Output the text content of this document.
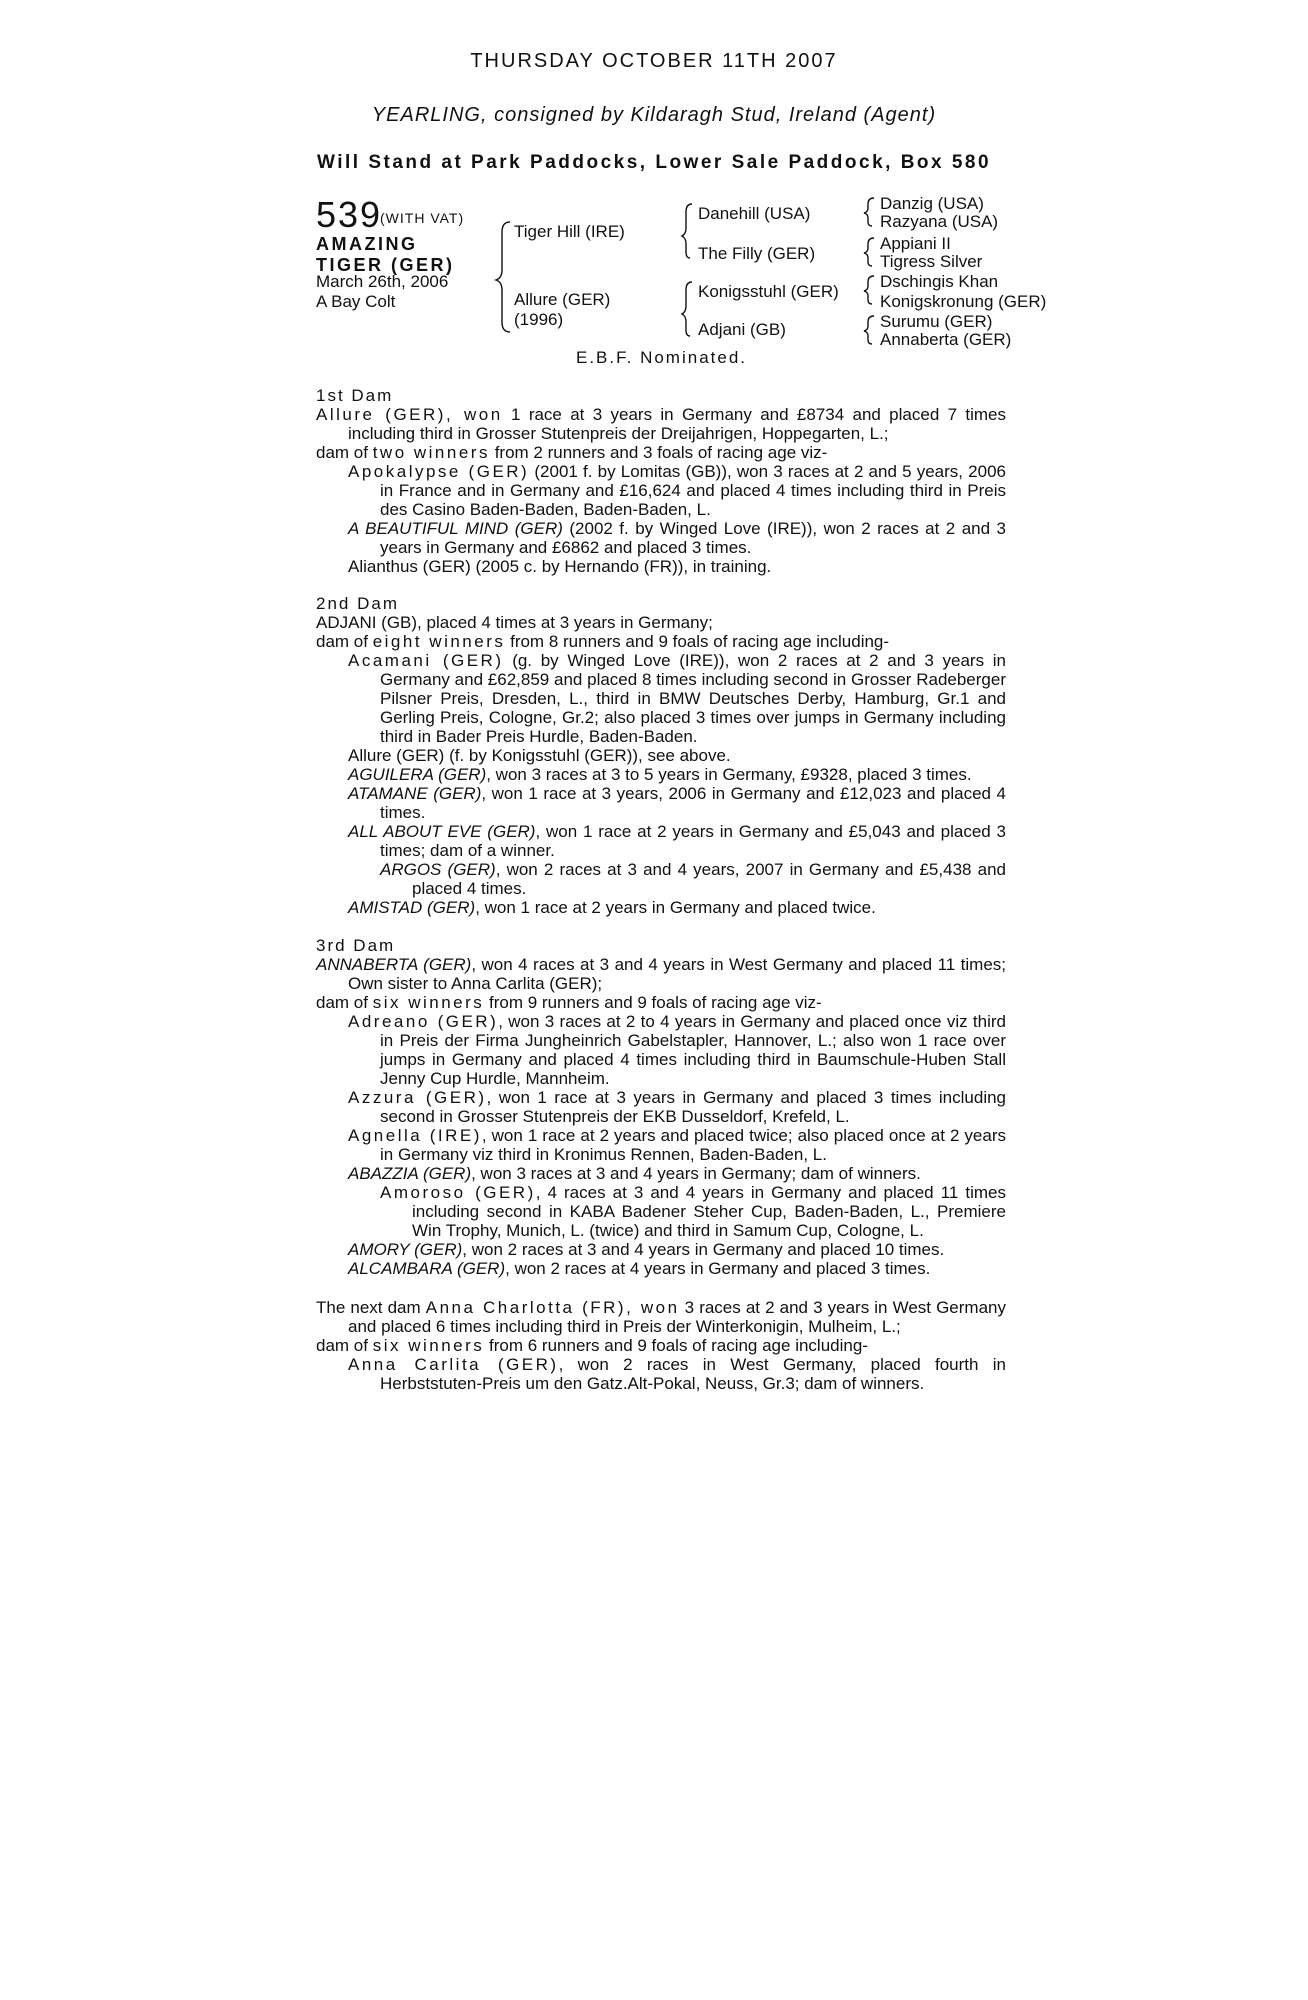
THURSDAY OCTOBER 11TH 2007
YEARLING, consigned by Kildaragh Stud, Ireland (Agent)
Will Stand at Park Paddocks, Lower Sale Paddock, Box 580
539
(WITH VAT)
AMAZING TIGER (GER)
March 26th, 2006
A Bay Colt
Tiger Hill (IRE)
Allure (GER)
(1996)
Danehill (USA)
The Filly (GER)
Konigsstuhl (GER)
Adjani (GB)
Danzig (USA)
Razyana (USA)
Appiani II
Tigress Silver
Dschingis Khan
Konigskronung (GER)
Surumu (GER)
Annaberta (GER)
E.B.F. Nominated.

1st Dam

Allure (GER), won 1 race at 3 years in Germany and £8734 and placed 7 times including third in Grosser Stutenpreis der Dreijahrigen, Hoppegarten, L.;

dam of two winners from 2 runners and 3 foals of racing age viz-

Apokalypse (GER) (2001 f. by Lomitas (GB)), won 3 races at 2 and 5 years, 2006 in France and in Germany and £16,624 and placed 4 times including third in Preis des Casino Baden-Baden, Baden-Baden, L.

A BEAUTIFUL MIND (GER) (2002 f. by Winged Love (IRE)), won 2 races at 2 and 3 years in Germany and £6862 and placed 3 times.

Alianthus (GER) (2005 c. by Hernando (FR)), in training.

2nd Dam

ADJANI (GB), placed 4 times at 3 years in Germany;

dam of eight winners from 8 runners and 9 foals of racing age including-

Acamani (GER) (g. by Winged Love (IRE)), won 2 races at 2 and 3 years in Germany and £62,859 and placed 8 times including second in Grosser Radeberger Pilsner Preis, Dresden, L., third in BMW Deutsches Derby, Hamburg, Gr.1 and Gerling Preis, Cologne, Gr.2; also placed 3 times over jumps in Germany including third in Bader Preis Hurdle, Baden-Baden.

Allure (GER) (f. by Konigsstuhl (GER)), see above.

AGUILERA (GER), won 3 races at 3 to 5 years in Germany, £9328, placed 3 times.

ATAMANE (GER), won 1 race at 3 years, 2006 in Germany and £12,023 and placed 4 times.

ALL ABOUT EVE (GER), won 1 race at 2 years in Germany and £5,043 and placed 3 times; dam of a winner.

ARGOS (GER), won 2 races at 3 and 4 years, 2007 in Germany and £5,438 and placed 4 times.

AMISTAD (GER), won 1 race at 2 years in Germany and placed twice.

3rd Dam

ANNABERTA (GER), won 4 races at 3 and 4 years in West Germany and placed 11 times; Own sister to Anna Carlita (GER);

dam of six winners from 9 runners and 9 foals of racing age viz-

Adreano (GER), won 3 races at 2 to 4 years in Germany and placed once viz third in Preis der Firma Jungheinrich Gabelstapler, Hannover, L.; also won 1 race over jumps in Germany and placed 4 times including third in Baumschule-Huben Stall Jenny Cup Hurdle, Mannheim.

Azzura (GER), won 1 race at 3 years in Germany and placed 3 times including second in Grosser Stutenpreis der EKB Dusseldorf, Krefeld, L.

Agnella (IRE), won 1 race at 2 years and placed twice; also placed once at 2 years in Germany viz third in Kronimus Rennen, Baden-Baden, L.

ABAZZIA (GER), won 3 races at 3 and 4 years in Germany; dam of winners.

Amoroso (GER), 4 races at 3 and 4 years in Germany and placed 11 times including second in KABA Badener Steher Cup, Baden-Baden, L., Premiere Win Trophy, Munich, L. (twice) and third in Samum Cup, Cologne, L.

AMORY (GER), won 2 races at 3 and 4 years in Germany and placed 10 times.

ALCAMBARA (GER), won 2 races at 4 years in Germany and placed 3 times.

The next dam Anna Charlotta (FR), won 3 races at 2 and 3 years in West Germany and placed 6 times including third in Preis der Winterkonigin, Mulheim, L.;

dam of six winners from 6 runners and 9 foals of racing age including-

Anna Carlita (GER), won 2 races in West Germany, placed fourth in Herbststuten-Preis um den Gatz.Alt-Pokal, Neuss, Gr.3; dam of winners.
